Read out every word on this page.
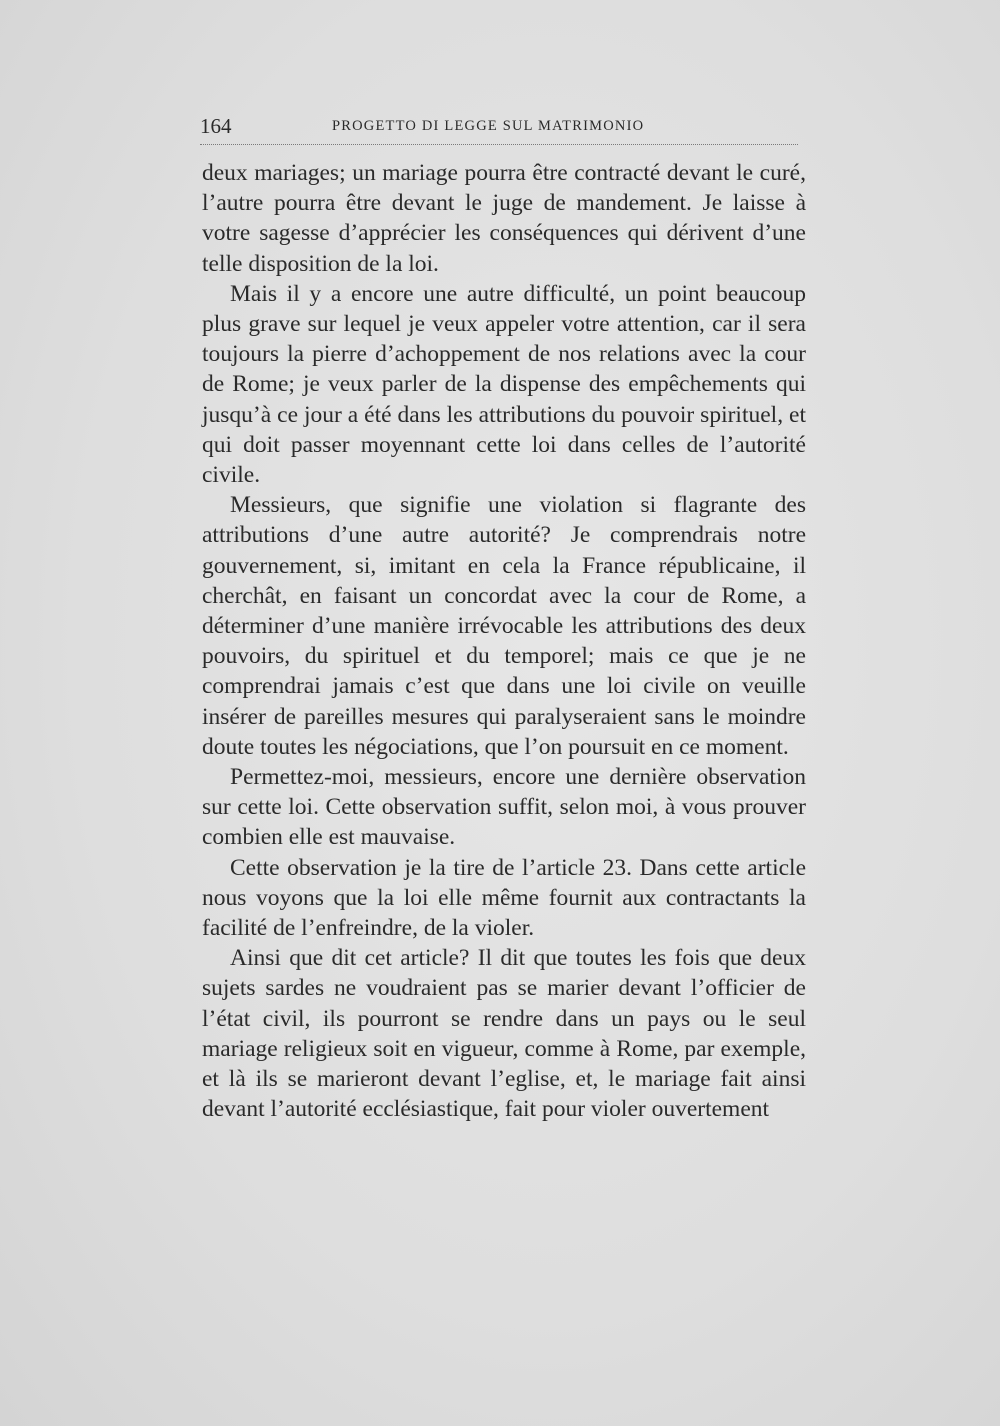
164	PROGETTO DI LEGGE SUL MATRIMONIO

deux mariages; un mariage pourra être contracté devant le curé, l’autre pourra être devant le juge de mandement. Je laisse à votre sagesse d’apprécier les conséquences qui dérivent d’une telle disposition de la loi.

Mais il y a encore une autre difficulté, un point beaucoup plus grave sur lequel je veux appeler votre attention, car il sera toujours la pierre d’achoppement de nos relations avec la cour de Rome; je veux parler de la dispense des empêchements qui jusqu’à ce jour a été dans les attributions du pouvoir spirituel, et qui doit passer moyennant cette loi dans celles de l’autorité civile.

Messieurs, que signifie une violation si flagrante des attributions d’une autre autorité? Je comprendrais notre gouvernement, si, imitant en cela la France républicaine, il cherchât, en faisant un concordat avec la cour de Rome, a déterminer d’une manière irrévocable les attributions des deux pouvoirs, du spirituel et du temporel; mais ce que je ne comprendrai jamais c’est que dans une loi civile on veuille insérer de pareilles mesures qui paralyseraient sans le moindre doute toutes les négociations, que l’on poursuit en ce moment.

Permettez-moi, messieurs, encore une dernière observation sur cette loi. Cette observation suffit, selon moi, à vous prouver combien elle est mauvaise.

Cette observation je la tire de l’article 23. Dans cette article nous voyons que la loi elle même fournit aux contractants la facilité de l’enfreindre, de la violer.

Ainsi que dit cet article? Il dit que toutes les fois que deux sujets sardes ne voudraient pas se marier devant l’officier de l’état civil, ils pourront se rendre dans un pays ou le seul mariage religieux soit en vigueur, comme à Rome, par exemple, et là ils se marieront devant l’eglise, et, le mariage fait ainsi devant l’autorité ecclésiastique, fait pour violer ouvertement
